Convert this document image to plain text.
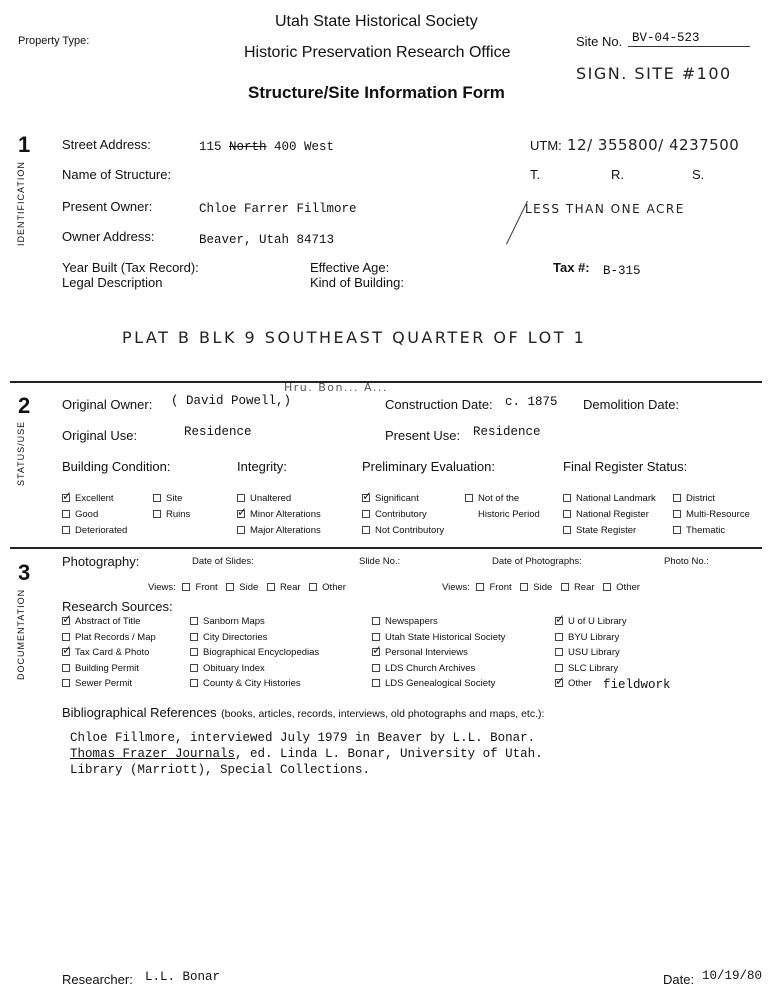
Property Type:
Utah State Historical Society
Historic Preservation Research Office
Structure/Site Information Form
Site No. BV-04-523
SIGN. SITE #100
1
IDENTIFICATION
Street Address:	115 North 400 West	UTM: 12/ 355800/ 4237500
Name of Structure:	T.	R.	S.
Present Owner:	Chloe Farrer Fillmore	LESS THAN ONE ACRE
Owner Address:	Beaver, Utah 84713
Year Built (Tax Record):	Effective Age:	Tax #: B-315
Legal Description	Kind of Building:
PLAT B BLK 9 SOUTHEAST QUARTER OF LOT 1
2
STATUS/USE
Original Owner: ( David Powell,)
Hru. Bon... A...
Construction Date: c. 1875 Demolition Date:
Original Use:	Residence	Present Use: Residence
Building Condition:	Integrity:	Preliminary Evaluation:	Final Register Status:
✓Excellent
Good
Deteriorated
Site
Ruins
Unaltered
✓Minor Alterations
Major Alterations
✓Significant
Contributory
Not Contributory
Not of the
Historic Period
National Landmark
National Register
State Register
District
Multi-Resource
Thematic
3
DOCUMENTATION
Photography:	Date of Slides:	Slide No.:	Date of Photographs:	Photo No.:
Views: Front Side Rear Other	Views: Front Side Rear Other
Research Sources:
✓Abstract of Title
Plat Records / Map
✓Tax Card & Photo
Building Permit
Sewer Permit
Sanborn Maps
City Directories
Biographical Encyclopedias
Obituary Index
County & City Histories
Newspapers
Utah State Historical Society
✓Personal Interviews
LDS Church Archives
LDS Genealogical Society
✓U of U Library
BYU Library
USU Library
SLC Library
✓Other fieldwork
Bibliographical References (books, articles, records, interviews, old photographs and maps, etc.):
Chloe Fillmore, interviewed July 1979 in Beaver by L.L. Bonar.
Thomas Frazer Journals, ed. Linda L. Bonar, University of Utah.
Library (Marriott), Special Collections.
Researcher: L.L. Bonar	Date: 10/19/80
